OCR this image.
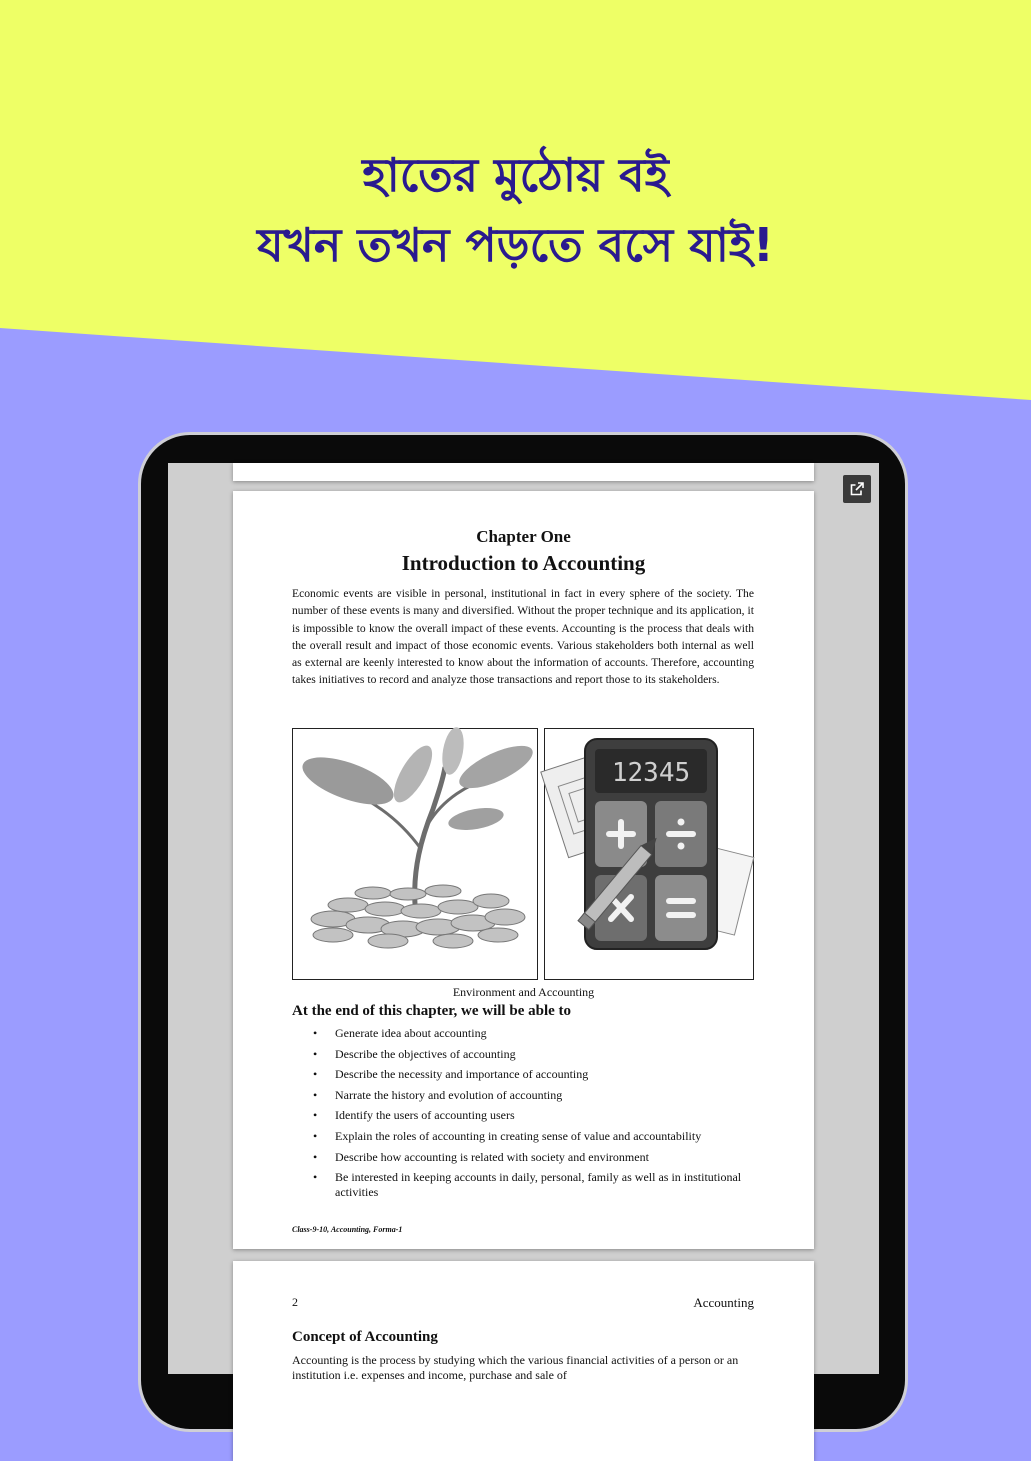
হাতের মুঠোয় বই
যখন তখন পড়তে বসে যাই!
Chapter One
Introduction to Accounting
Economic events are visible in personal, institutional in fact in every sphere of the society. The number of these events is many and diversified. Without the proper technique and its application, it is impossible to know the overall impact of these events. Accounting is the process that deals with the overall result and impact of those economic events. Various stakeholders both internal as well as external are keenly interested to know about the information of accounts. Therefore, accounting takes initiatives to record and analyze those transactions and report those to its stakeholders.
12345
Environment and Accounting
At the end of this chapter, we will be able to
• Generate idea about accounting
• Describe the objectives of accounting
• Describe the necessity and importance of accounting
• Narrate the history and evolution of accounting
• Identify the users of accounting users
• Explain the roles of accounting in creating sense of value and accountability
• Describe how accounting is related with society and environment
• Be interested in keeping accounts in daily, personal, family as well as in institutional activities
Class-9-10, Accounting, Forma-1
2	Accounting
Concept of Accounting
Accounting is the process by studying which the various financial activities of a person or an institution i.e. expenses and income, purchase and sale of
